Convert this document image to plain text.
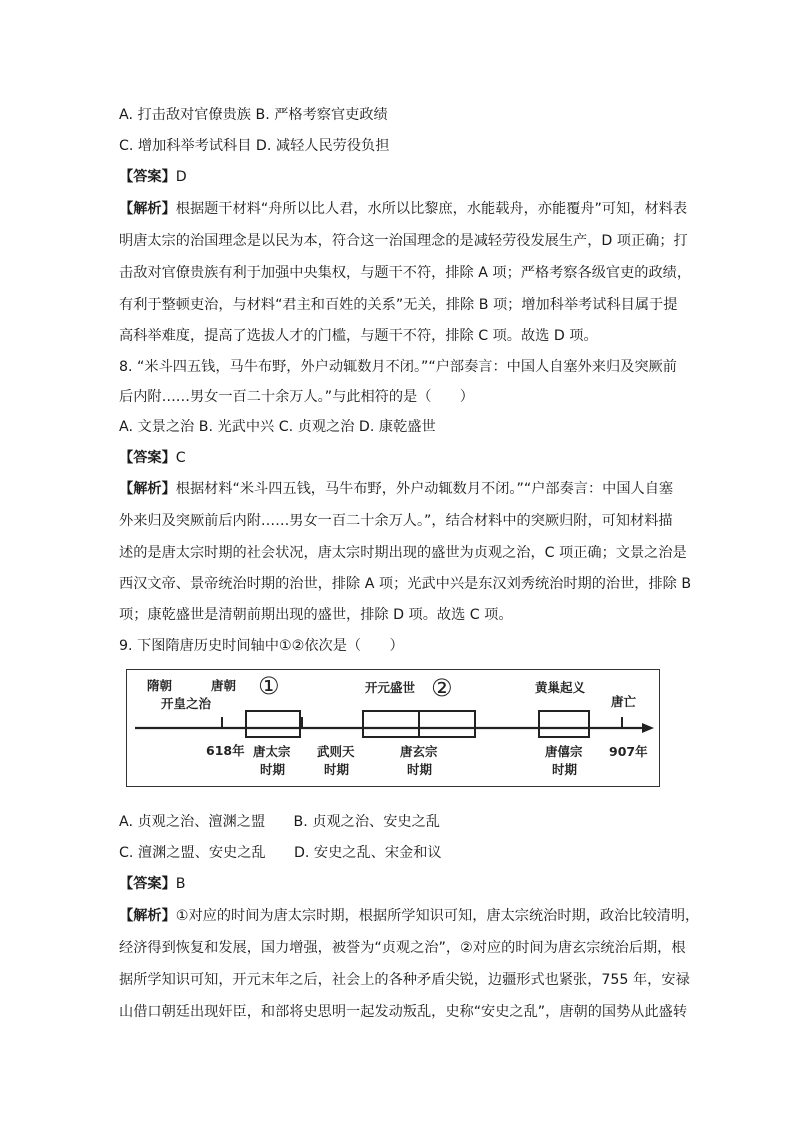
A. 打击敌对官僚贵族 B. 严格考察官吏政绩
C. 增加科举考试科目 D. 减轻人民劳役负担
【答案】D
【解析】根据题干材料“舟所以比人君，水所以比黎庶，水能载舟，亦能覆舟”可知，材料表
明唐太宗的治国理念是以民为本，符合这一治国理念的是减轻劳役发展生产，D 项正确；打
击敌对官僚贵族有利于加强中央集权，与题干不符，排除 A 项；严格考察各级官吏的政绩，
有利于整顿吏治，与材料“君主和百姓的关系”无关，排除 B 项；增加科举考试科目属于提
高科举难度，提高了选拔人才的门槛，与题干不符，排除 C 项。故选 D 项。
8. “米斗四五钱，马牛布野，外户动辄数月不闭。”“户部奏言：中国人自塞外来归及突厥前
后内附……男女一百二十余万人。”与此相符的是（　　）
A. 文景之治 B. 光武中兴 C. 贞观之治 D. 康乾盛世
【答案】C
【解析】根据材料“米斗四五钱，马牛布野，外户动辄数月不闭。”“户部奏言：中国人自塞
外来归及突厥前后内附……男女一百二十余万人。”，结合材料中的突厥归附，可知材料描
述的是唐太宗时期的社会状况，唐太宗时期出现的盛世为贞观之治，C 项正确；文景之治是
西汉文帝、景帝统治时期的治世，排除 A 项；光武中兴是东汉刘秀统治时期的治世，排除 B
项；康乾盛世是清朝前期出现的盛世，排除 D 项。故选 C 项。
9. 下图隋唐历史时间轴中①②依次是（　　）
隋朝
开皇之治
唐朝 ①	开元盛世 ②	黄巢起义
唐亡
618年 唐太宗
时期
武则天
时期
唐玄宗
时期
唐僖宗
时期
907年
A. 贞观之治、澶渊之盟　　B. 贞观之治、安史之乱
C. 澶渊之盟、安史之乱　　D. 安史之乱、宋金和议
【答案】B
【解析】①对应的时间为唐太宗时期，根据所学知识可知，唐太宗统治时期，政治比较清明，
经济得到恢复和发展，国力增强，被誉为“贞观之治”，②对应的时间为唐玄宗统治后期，根
据所学知识可知，开元末年之后，社会上的各种矛盾尖锐，边疆形式也紧张，755 年，安禄
山借口朝廷出现奸臣，和部将史思明一起发动叛乱，史称“安史之乱”，唐朝的国势从此盛转
